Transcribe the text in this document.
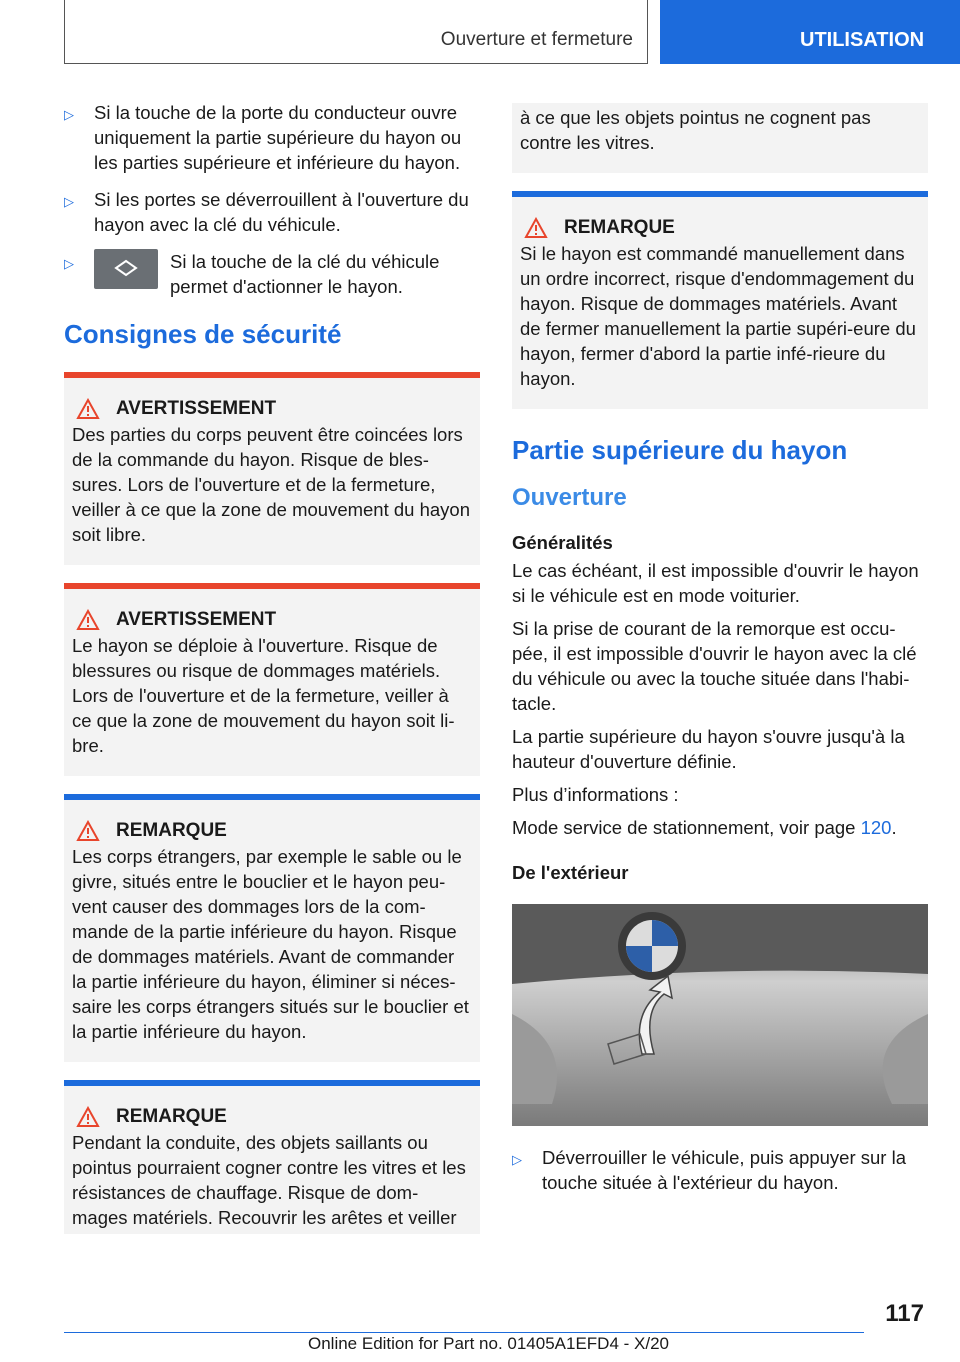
Ouverture et fermeture	UTILISATION
▷ Si la touche de la porte du conducteur ouvre uniquement la partie supérieure du hayon ou les parties supérieure et inférieure du hayon.
▷ Si les portes se déverrouillent à l'ouverture du hayon avec la clé du véhicule.
▷	Si la touche de la clé du véhicule permet d'actionner le hayon.
Consignes de sécurité
AVERTISSEMENT
Des parties du corps peuvent être coincées lors de la commande du hayon. Risque de bles-sures. Lors de l'ouverture et de la fermeture, veiller à ce que la zone de mouvement du hayon soit libre.
AVERTISSEMENT
Le hayon se déploie à l'ouverture. Risque de blessures ou risque de dommages matériels. Lors de l'ouverture et de la fermeture, veiller à ce que la zone de mouvement du hayon soit li-bre.
REMARQUE
Les corps étrangers, par exemple le sable ou le givre, situés entre le bouclier et le hayon peu-vent causer des dommages lors de la com-mande de la partie inférieure du hayon. Risque de dommages matériels. Avant de commander la partie inférieure du hayon, éliminer si néces-saire les corps étrangers situés sur le bouclier et la partie inférieure du hayon.
REMARQUE
Pendant la conduite, des objets saillants ou pointus pourraient cogner contre les vitres et les résistances de chauffage. Risque de dom-mages matériels. Recouvrir les arêtes et veiller
à ce que les objets pointus ne cognent pas contre les vitres.
REMARQUE
Si le hayon est commandé manuellement dans un ordre incorrect, risque d'endommagement du hayon. Risque de dommages matériels. Avant de fermer manuellement la partie supéri-eure du hayon, fermer d'abord la partie infé-rieure du hayon.
Partie supérieure du hayon
Ouverture
Généralités

Le cas échéant, il est impossible d'ouvrir le hayon si le véhicule est en mode voiturier.

Si la prise de courant de la remorque est occu-pée, il est impossible d'ouvrir le hayon avec la clé du véhicule ou avec la touche située dans l'habi-tacle.

La partie supérieure du hayon s'ouvre jusqu'à la hauteur d'ouverture définie.

Plus d’informations :

Mode service de stationnement, voir page 120.

De l'extérieur
▷ Déverrouiller le véhicule, puis appuyer sur la touche située à l'extérieur du hayon.
117
Online Edition for Part no. 01405A1EFD4 - X/20
